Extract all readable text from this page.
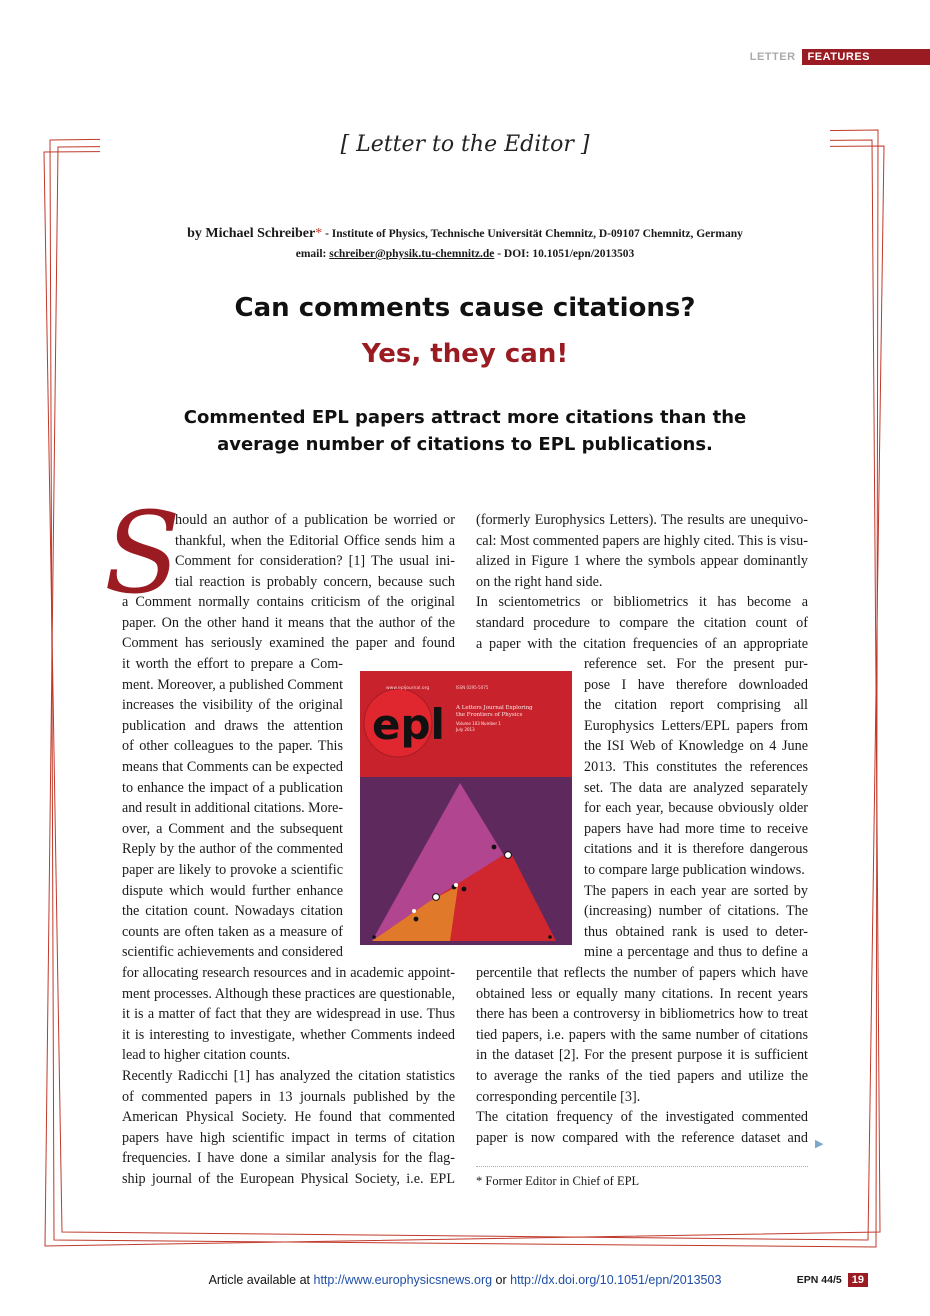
LETTER	FEATURES
[ Letter to the Editor ]
by Michael Schreiber* - Institute of Physics, Technische Universität Chemnitz, D-09107 Chemnitz, Germany
email: schreiber@physik.tu-chemnitz.de - DOI: 10.1051/epn/2013503
Can comments cause citations?
Yes, they can!
Commented EPL papers attract more citations than the average number of citations to EPL publications.
S
hould an author of a publication be worried or
thankful, when the Editorial Office sends him a
Comment for consideration? [1] The usual ini-
tial reaction is probably concern, because such
a Comment normally contains criticism of the original
paper. On the other hand it means that the author of the
Comment has seriously examined the paper and found
it worth the effort to prepare a Com-
ment. Moreover, a published Comment
increases the visibility of the original
publication and draws the attention
of other colleagues to the paper. This
means that Comments can be expected
to enhance the impact of a publication
and result in additional citations. More-
over, a Comment and the subsequent
Reply by the author of the commented
paper are likely to provoke a scientific
dispute which would further enhance
the citation count. Nowadays citation
counts are often taken as a measure of
scientific achievements and considered
for allocating research resources and in academic appoint-
ment processes. Although these practices are questionable,
it is a matter of fact that they are widespread in use. Thus
it is interesting to investigate, whether Comments indeed
lead to higher citation counts.
Recently Radicchi [1] has analyzed the citation statistics
of commented papers in 13 journals published by the
American Physical Society. He found that commented
papers have high scientific impact in terms of citation
frequencies. I have done a similar analysis for the flag-
ship journal of the European Physical Society, i.e. EPL
(formerly Europhysics Letters). The results are unequivo-
cal: Most commented papers are highly cited. This is visu-
alized in Figure 1 where the symbols appear dominantly
on the right hand side.
In scientometrics or bibliometrics it has become a
standard procedure to compare the citation count of
a paper with the citation frequencies of an appropriate
reference set. For the present pur-
pose I have therefore downloaded
the citation report comprising all
Europhysics Letters/EPL papers from
the ISI Web of Knowledge on 4 June
2013. This constitutes the references
set. The data are analyzed separately
for each year, because obviously older
papers have had more time to receive
citations and it is therefore dangerous
to compare large publication windows.
The papers in each year are sorted by
(increasing) number of citations. The
thus obtained rank is used to deter-
mine a percentage and thus to define a
percentile that reflects the number of papers which have
obtained less or equally many citations. In recent years
there has been a controversy in bibliometrics how to treat
tied papers, i.e. papers with the same number of citations
in the dataset [2]. For the present purpose it is sufficient
to average the ranks of the tied papers and utilize the
corresponding percentile [3].
The citation frequency of the investigated commented
paper is now compared with the reference dataset and
epl
www.epljournal.org	ISSN 0295-5075
A Letters Journal Exploring
the Frontiers of Physics
Volume 103 Number 1
July 2013
* Former Editor in Chief of EPL
▶
Article available at http://www.europhysicsnews.org or http://dx.doi.org/10.1051/epn/2013503	EPN 44/5 19
